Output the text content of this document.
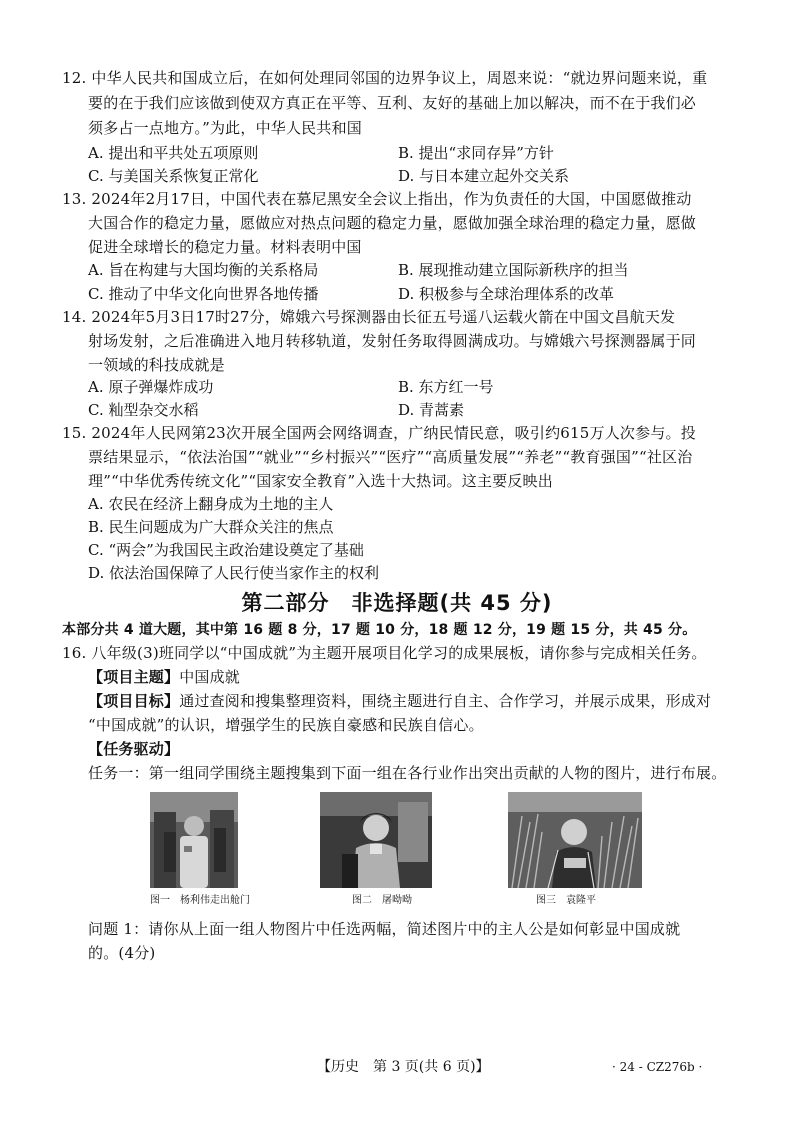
12. 中华人民共和国成立后，在如何处理同邻国的边界争议上，周恩来说：“就边界问题来说，重
要的在于我们应该做到使双方真正在平等、互利、友好的基础上加以解决，而不在于我们必
须多占一点地方。”为此，中华人民共和国
A. 提出和平共处五项原则	B. 提出“求同存异”方针
C. 与美国关系恢复正常化	D. 与日本建立起外交关系
13. 2024年2月17日，中国代表在慕尼黑安全会议上指出，作为负责任的大国，中国愿做推动
大国合作的稳定力量，愿做应对热点问题的稳定力量，愿做加强全球治理的稳定力量，愿做
促进全球增长的稳定力量。材料表明中国
A. 旨在构建与大国均衡的关系格局	B. 展现推动建立国际新秩序的担当
C. 推动了中华文化向世界各地传播	D. 积极参与全球治理体系的改革
14. 2024年5月3日17时27分，嫦娥六号探测器由长征五号遥八运载火箭在中国文昌航天发
射场发射，之后准确进入地月转移轨道，发射任务取得圆满成功。与嫦娥六号探测器属于同
一领域的科技成就是
A. 原子弹爆炸成功	B. 东方红一号
C. 籼型杂交水稻	D. 青蒿素
15. 2024年人民网第23次开展全国两会网络调查，广纳民情民意，吸引约615万人次参与。投
票结果显示，“依法治国”“就业”“乡村振兴”“医疗”“高质量发展”“养老”“教育强国”“社区治
理”“中华优秀传统文化”“国家安全教育”入选十大热词。这主要反映出
A. 农民在经济上翻身成为土地的主人
B. 民生问题成为广大群众关注的焦点
C. “两会”为我国民主政治建设奠定了基础
D. 依法治国保障了人民行使当家作主的权利
第二部分　非选择题(共 45 分)
本部分共 4 道大题，其中第 16 题 8 分，17 题 10 分，18 题 12 分，19 题 15 分，共 45 分。
16. 八年级(3)班同学以“中国成就”为主题开展项目化学习的成果展板，请你参与完成相关任务。
【项目主题】中国成就
【项目目标】通过查阅和搜集整理资料，围绕主题进行自主、合作学习，并展示成果，形成对
“中国成就”的认识，增强学生的民族自豪感和民族自信心。
【任务驱动】
任务一：第一组同学围绕主题搜集到下面一组在各行业作出突出贡献的人物的图片，进行布展。
图一　杨利伟走出舱门	图二　屠呦呦	图三　袁隆平
问题 1：请你从上面一组人物图片中任选两幅，简述图片中的主人公是如何彰显中国成就
的。(4分)
【历史　第 3 页(共 6 页)】	· 24 - CZ276b ·
